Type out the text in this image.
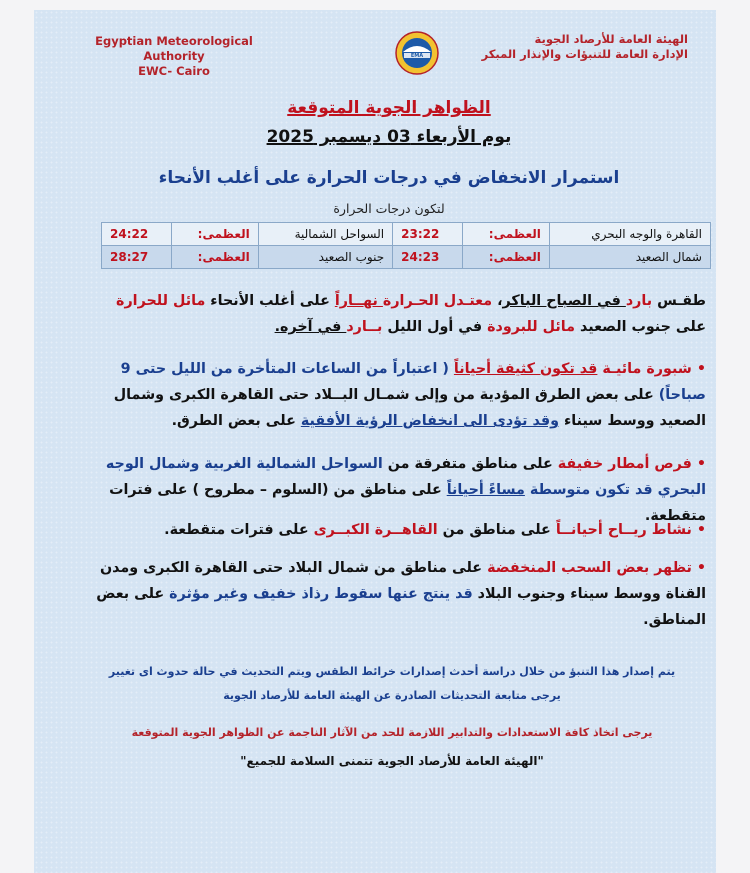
Egyptian Meteorological Authority
EWC- Cairo
EMA
الهيئة العامة للأرصاد الجوية
الإدارة العامة للتنبؤات والإنذار المبكر
الظواهر الجوية المتوقعة
يوم الأربعاء 03 ديسمبر 2025
استمرار الانخفاض في درجات الحرارة على أغلب الأنحاء
لتكون درجات الحرارة
القاهرة والوجه البحري	العظمى:	23:22	السواحل الشمالية	العظمى:	24:22
شمال الصعيد	العظمى:	24:23	جنوب الصعيد	العظمى:	28:27
طقـس بارد في الصباح الباكر، معتـدل الحـرارة نهــاراً على أغلب الأنحاء مائل للحرارة على جنوب الصعيد مائل للبرودة في أول الليل بــارد في آخره.
• شبورة مائيـة قد تكون كثيفة أحياناً ( اعتباراً من الساعات المتأخرة من الليل حتى 9 صباحاً) على بعض الطرق المؤدية من وإلى شمـال البــلاد حتى القاهرة الكبرى وشمال الصعيد ووسط سيناء وقد تؤدى الى انخفاض الرؤية الأفقية على بعض الطرق.
• فرص أمطار خفيفة على مناطق متفرقة من السواحل الشمالية الغربية وشمال الوجه البحري قد تكون متوسطة مساءً أحياناً على مناطق من (السلوم – مطروح ) على فترات متقطعة.
• نشاط ريــاح أحيانــاً على مناطق من القاهــرة الكبــرى على فترات متقطعة.
• تظهر بعض السحب المنخفضة على مناطق من شمال البلاد حتى القاهرة الكبرى ومدن القناة ووسط سيناء وجنوب البلاد قد ينتج عنها سقوط رذاذ خفيف وغير مؤثرة على بعض المناطق.
يتم إصدار هذا التنبؤ من خلال دراسة أحدث إصدارات خرائط الطقس ويتم التحديث في حالة حدوث اى تغيير
يرجى متابعة التحديثات الصادرة عن الهيئة العامة للأرصاد الجوية
يرجى اتخاذ كافة الاستعدادات والتدابير اللازمة للحد من الآثار الناجمة عن الظواهر الجوية المتوقعة
"الهيئة العامة للأرصاد الجوية تتمنى السلامة للجميع"
